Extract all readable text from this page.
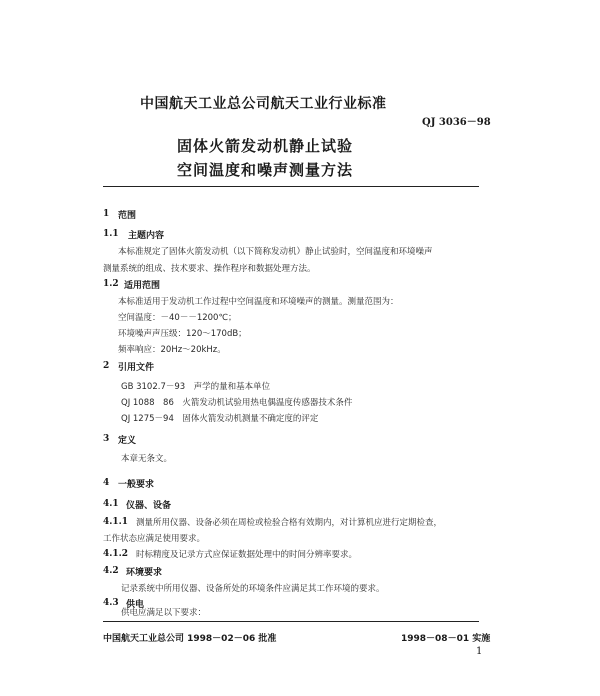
中国航天工业总公司航天工业行业标准
QJ 3036－98
固体火箭发动机静止试验
空间温度和噪声测量方法
1 范围
1.1 主题内容
本标准规定了固体火箭发动机（以下简称发动机）静止试验时，空间温度和环境噪声
测量系统的组成、技术要求、操作程序和数据处理方法。
1.2 适用范围
本标准适用于发动机工作过程中空间温度和环境噪声的测量。测量范围为：
空间温度：－40－－1200℃；
环境噪声声压级：120～170dB；
频率响应：20Hz～20kHz。
2 引用文件
GB 3102.7－93　声学的量和基本单位
QJ 1088　86　火箭发动机试验用热电偶温度传感器技术条件
QJ 1275－94　固体火箭发动机测量不确定度的评定
3 定义
本章无条文。
4 一般要求
4.1 仪器、设备
4.1.1 测量所用仪器、设备必须在周检或检验合格有效期内，对计算机应进行定期检查，
工作状态应满足使用要求。
4.1.2 时标精度及记录方式应保证数据处理中的时间分辨率要求。
4.2 环境要求
记录系统中所用仪器、设备所处的环境条件应满足其工作环境的要求。
4.3 供电
供电应满足以下要求：
中国航天工业总公司 1998－02－06 批准	1998－08－01 实施
1
